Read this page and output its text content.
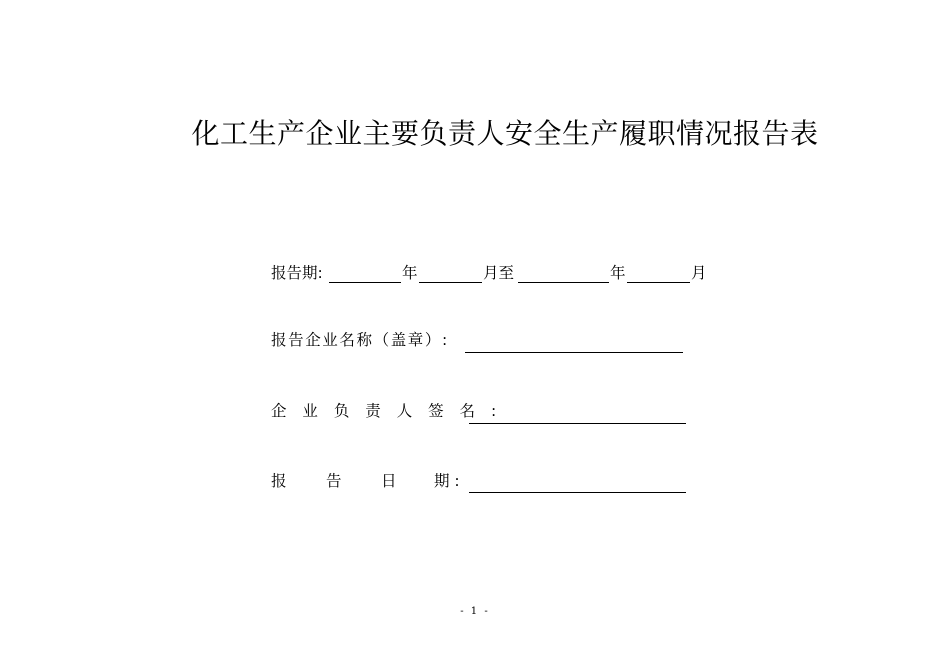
化工生产企业主要负责人安全生产履职情况报告表
报告期:	年	月至	年	月
报告企业名称（盖章）:
企 业 负 责 人 签 名 :
报	告	日 期 :
- 1 -
